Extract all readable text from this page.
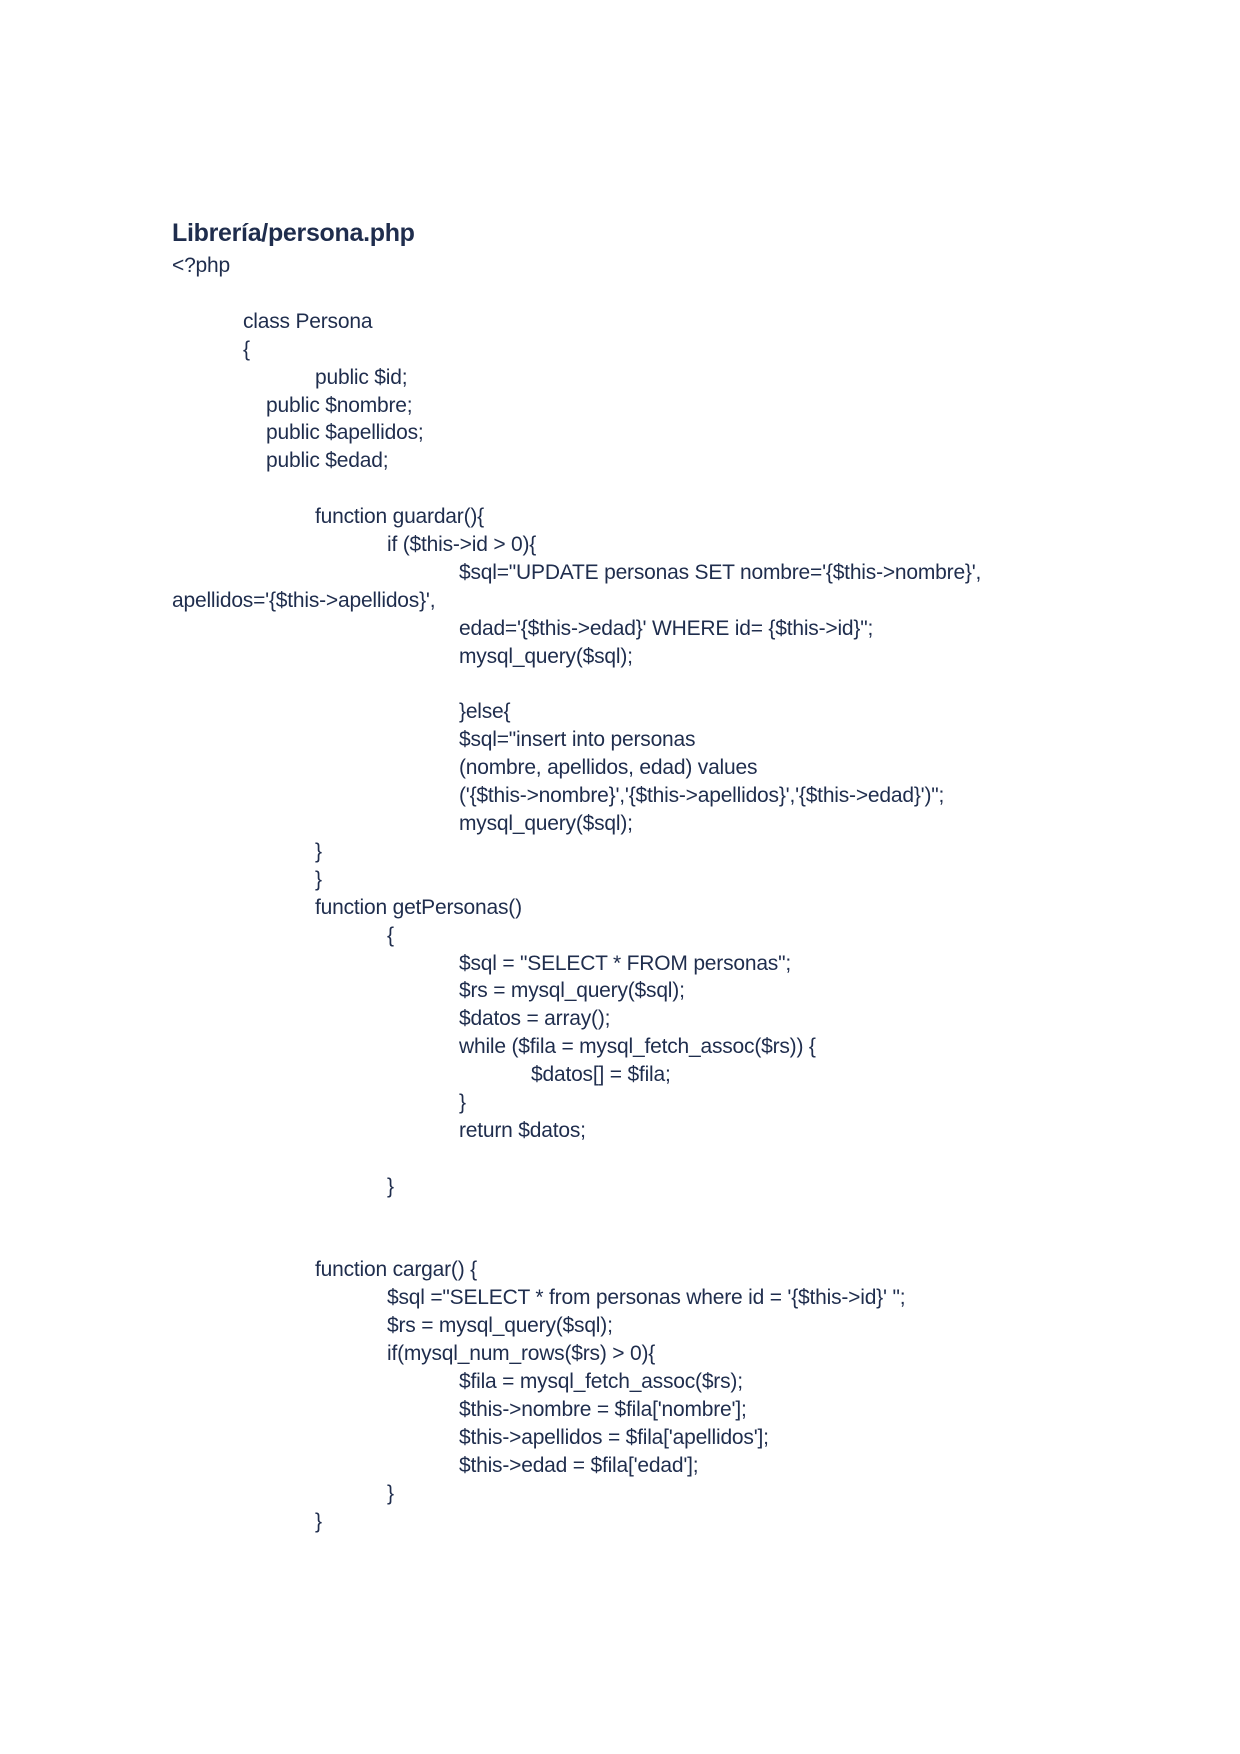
Librería/persona.php
<?php
class Persona
{
public $id;
public $nombre;
public $apellidos;
public $edad;
function guardar(){
if ($this->id > 0){
$sql="UPDATE personas SET nombre='{$this->nombre}',
apellidos='{$this->apellidos}',
edad='{$this->edad}' WHERE id= {$this->id}";
mysql_query($sql);
}else{
$sql="insert into personas
(nombre, apellidos, edad) values
('{$this->nombre}','{$this->apellidos}','{$this->edad}')";
mysql_query($sql);
}
}
function getPersonas()
{
$sql = "SELECT * FROM personas";
$rs = mysql_query($sql);
$datos = array();
while ($fila = mysql_fetch_assoc($rs)) {
$datos[] = $fila;
}
return $datos;
}
function cargar() {
$sql ="SELECT * from personas where id = '{$this->id}' ";
$rs = mysql_query($sql);
if(mysql_num_rows($rs) > 0){
$fila = mysql_fetch_assoc($rs);
$this->nombre = $fila['nombre'];
$this->apellidos = $fila['apellidos'];
$this->edad = $fila['edad'];
}
}
